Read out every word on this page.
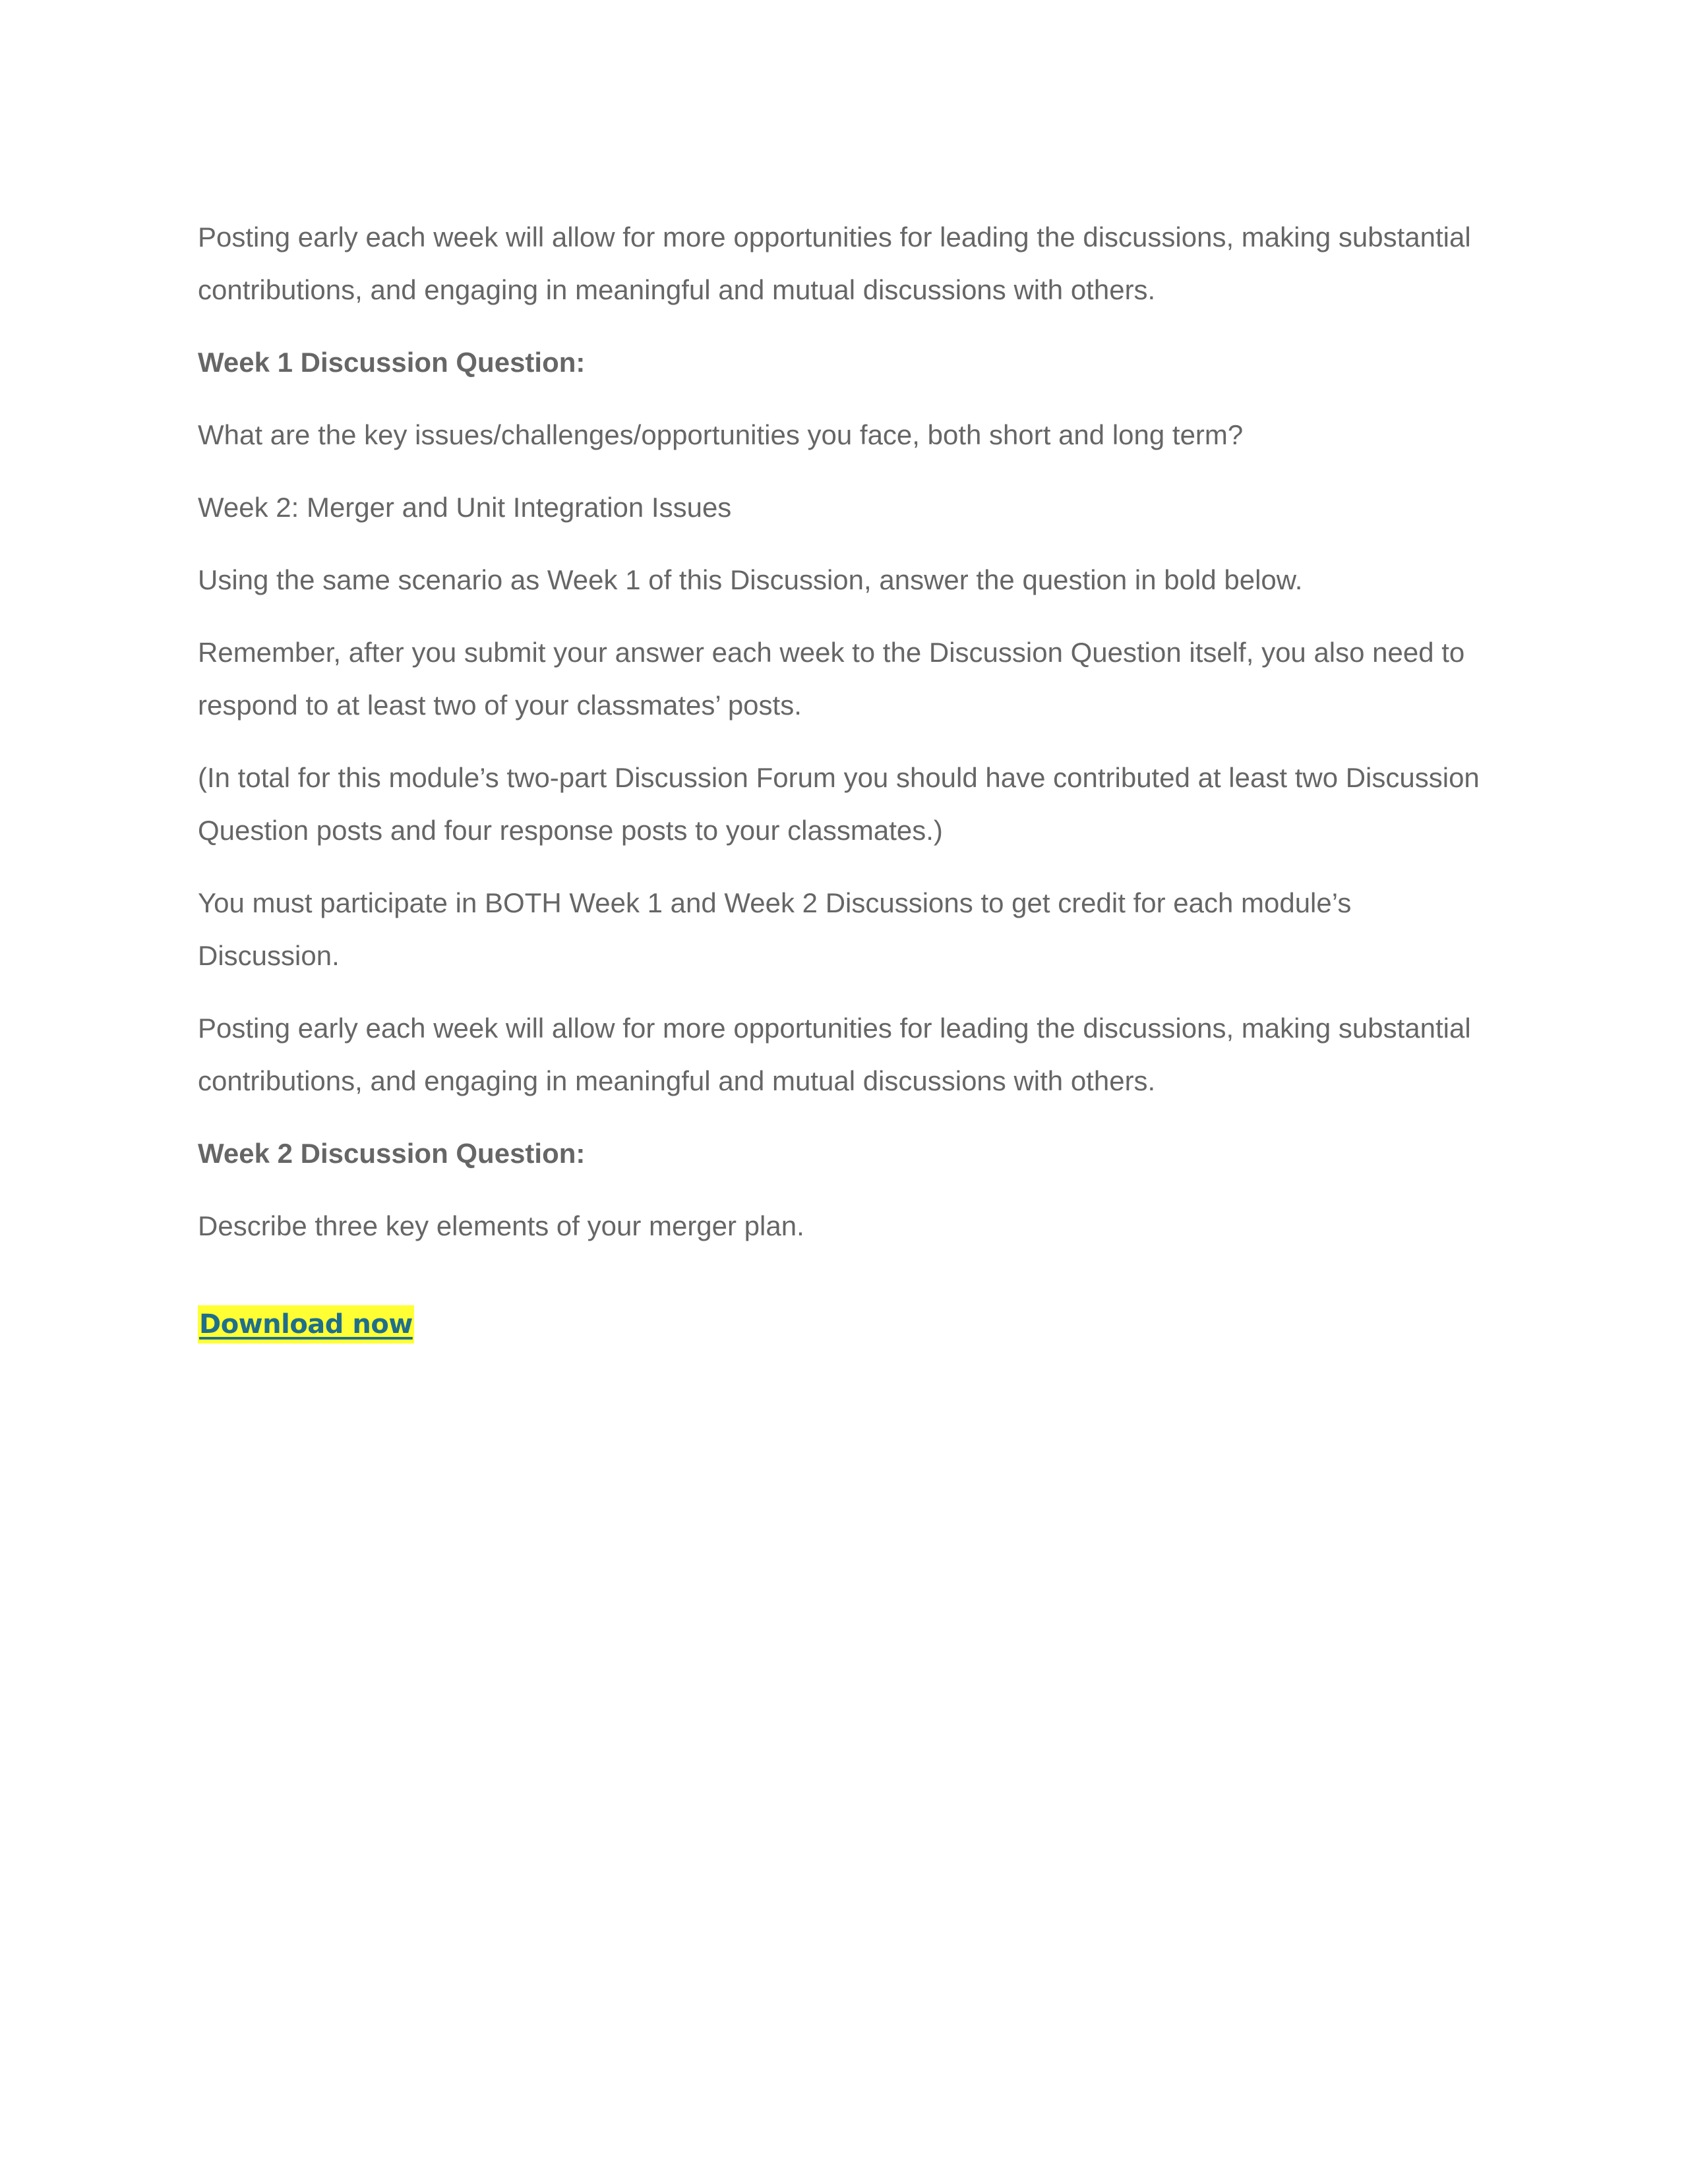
Posting early each week will allow for more opportunities for leading the discussions, making substantial contributions, and engaging in meaningful and mutual discussions with others.

Week 1 Discussion Question:

What are the key issues/challenges/opportunities you face, both short and long term?

Week 2: Merger and Unit Integration Issues

Using the same scenario as Week 1 of this Discussion, answer the question in bold below.

Remember, after you submit your answer each week to the Discussion Question itself, you also need to respond to at least two of your classmates’ posts.

(In total for this module’s two-part Discussion Forum you should have contributed at least two Discussion Question posts and four response posts to your classmates.)

You must participate in BOTH Week 1 and Week 2 Discussions to get credit for each module’s Discussion.

Posting early each week will allow for more opportunities for leading the discussions, making substantial contributions, and engaging in meaningful and mutual discussions with others.

Week 2 Discussion Question:

Describe three key elements of your merger plan.

Download now
